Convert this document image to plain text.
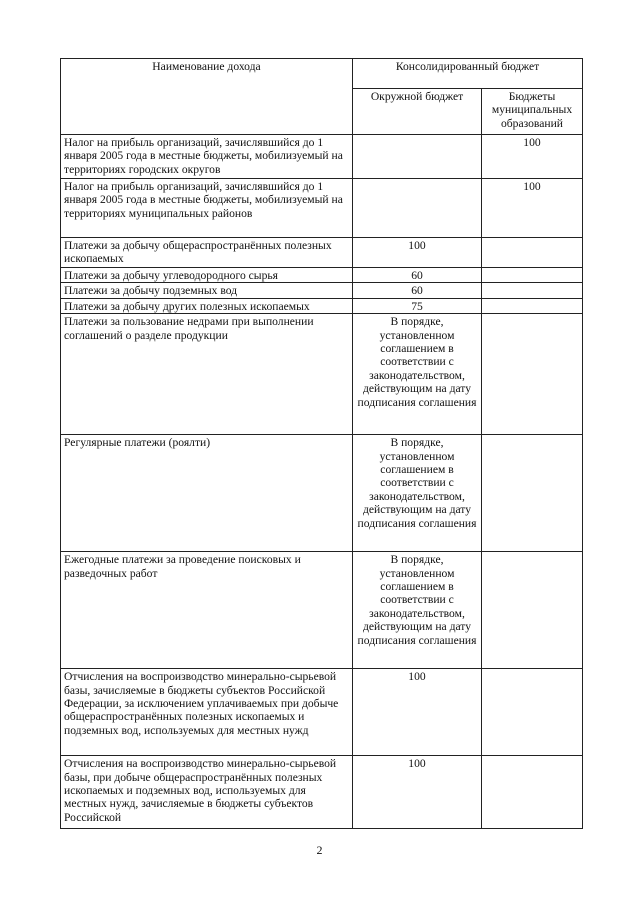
Наименование дохода	Консолидированный бюджет	
	Окружной бюджет	Бюджеты муниципальных образований
Налог на прибыль организаций, зачислявшийся до 1 января 2005 года в местные бюджеты, мобилизуемый на территориях городских округов		100
Налог на прибыль организаций, зачислявшийся до 1 января 2005 года в местные бюджеты, мобилизуемый на территориях муниципальных районов		100
Платежи за добычу общераспространённых полезных ископаемых	100	
Платежи за добычу углеводородного сырья	60	
Платежи за добычу подземных вод	60	
Платежи за добычу других полезных ископаемых	75	
Платежи за пользование недрами при выполнении соглашений о разделе продукции	В порядке, установленном соглашением в соответствии с законодательством, действующим на дату подписания соглашения	
Регулярные платежи (роялти)	В порядке, установленном соглашением в соответствии с законодательством, действующим на дату подписания соглашения	
Ежегодные платежи за проведение поисковых и разведочных работ	В порядке, установленном соглашением в соответствии с законодательством, действующим на дату подписания соглашения	
Отчисления на воспроизводство минерально-сырьевой базы, зачисляемые в бюджеты субъектов Российской Федерации, за исключением уплачиваемых при добыче общераспространённых полезных ископаемых и подземных вод, используемых для местных нужд	100	
Отчисления на воспроизводство минерально-сырьевой базы, при добыче общераспространённых полезных ископаемых и подземных вод, используемых для местных нужд, зачисляемые в бюджеты субъектов Российской	100	
2
